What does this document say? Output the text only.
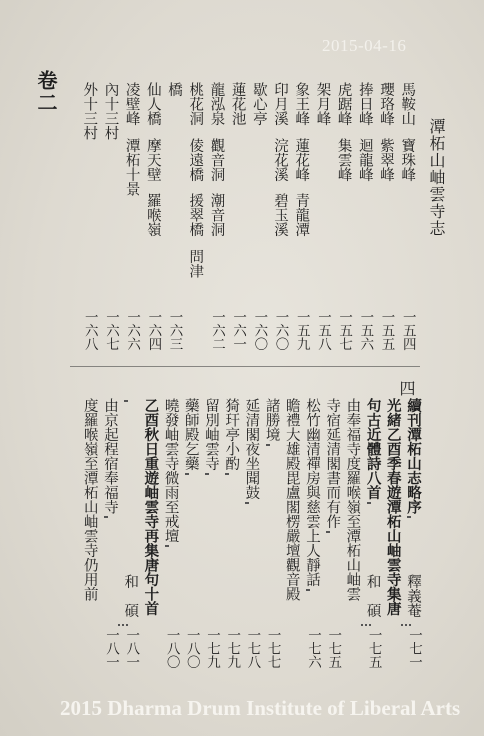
2015-04-16
潭柘山岫雲寺志
卷二
四
馬鞍山
寶珠峰
一五四
瓔珞峰
紫翠峰
一五五
捧日峰
迴龍峰
一五六
虎踞峰
集雲峰
一五七
架月峰
一五八
象王峰
蓮花峰
青龍潭
一五九
印月溪
浣花溪
碧玉溪
一六〇
歇心亭
一六〇
蓮花池
一六一
龍泓泉
觀音洞
潮音洞
一六二
桃花洞
倰遠橋
援翠橋
問津
橋
一六三
仙人橋
摩天壁
羅喉嶺
一六四
凌壁峰
潭柘十景
一六六
內十三村
一六七
外十三村
一六八
續刊潭柘山志略序
釋義菴
一七一
光緒乙酉季春遊潭柘山岫雲寺集唐
句古近體詩八首
和　碩
一七五
由奉福寺度羅喉嶺至潭柘山岫雲
寺宿延清閣書而有作
一七五
松竹幽清禪房與慈雲上人靜話
一七六
瞻禮大雄殿毘盧閣楞嚴壇觀音殿
諸勝境
一七七
延清閣夜坐聞鼓
一七八
猗玕亭小酌
一七九
留別岫雲寺
一七九
藥師殿乞藥
一八〇
曉發岫雲寺微雨至戒壇
一八〇
乙酉秋日重遊岫雲寺再集唐句十首
和　碩
一八一
由京起程宿奉福寺
一八一
度羅喉嶺至潭柘山岫雲寺仍用前
2015 Dharma Drum Institute of Liberal Arts
